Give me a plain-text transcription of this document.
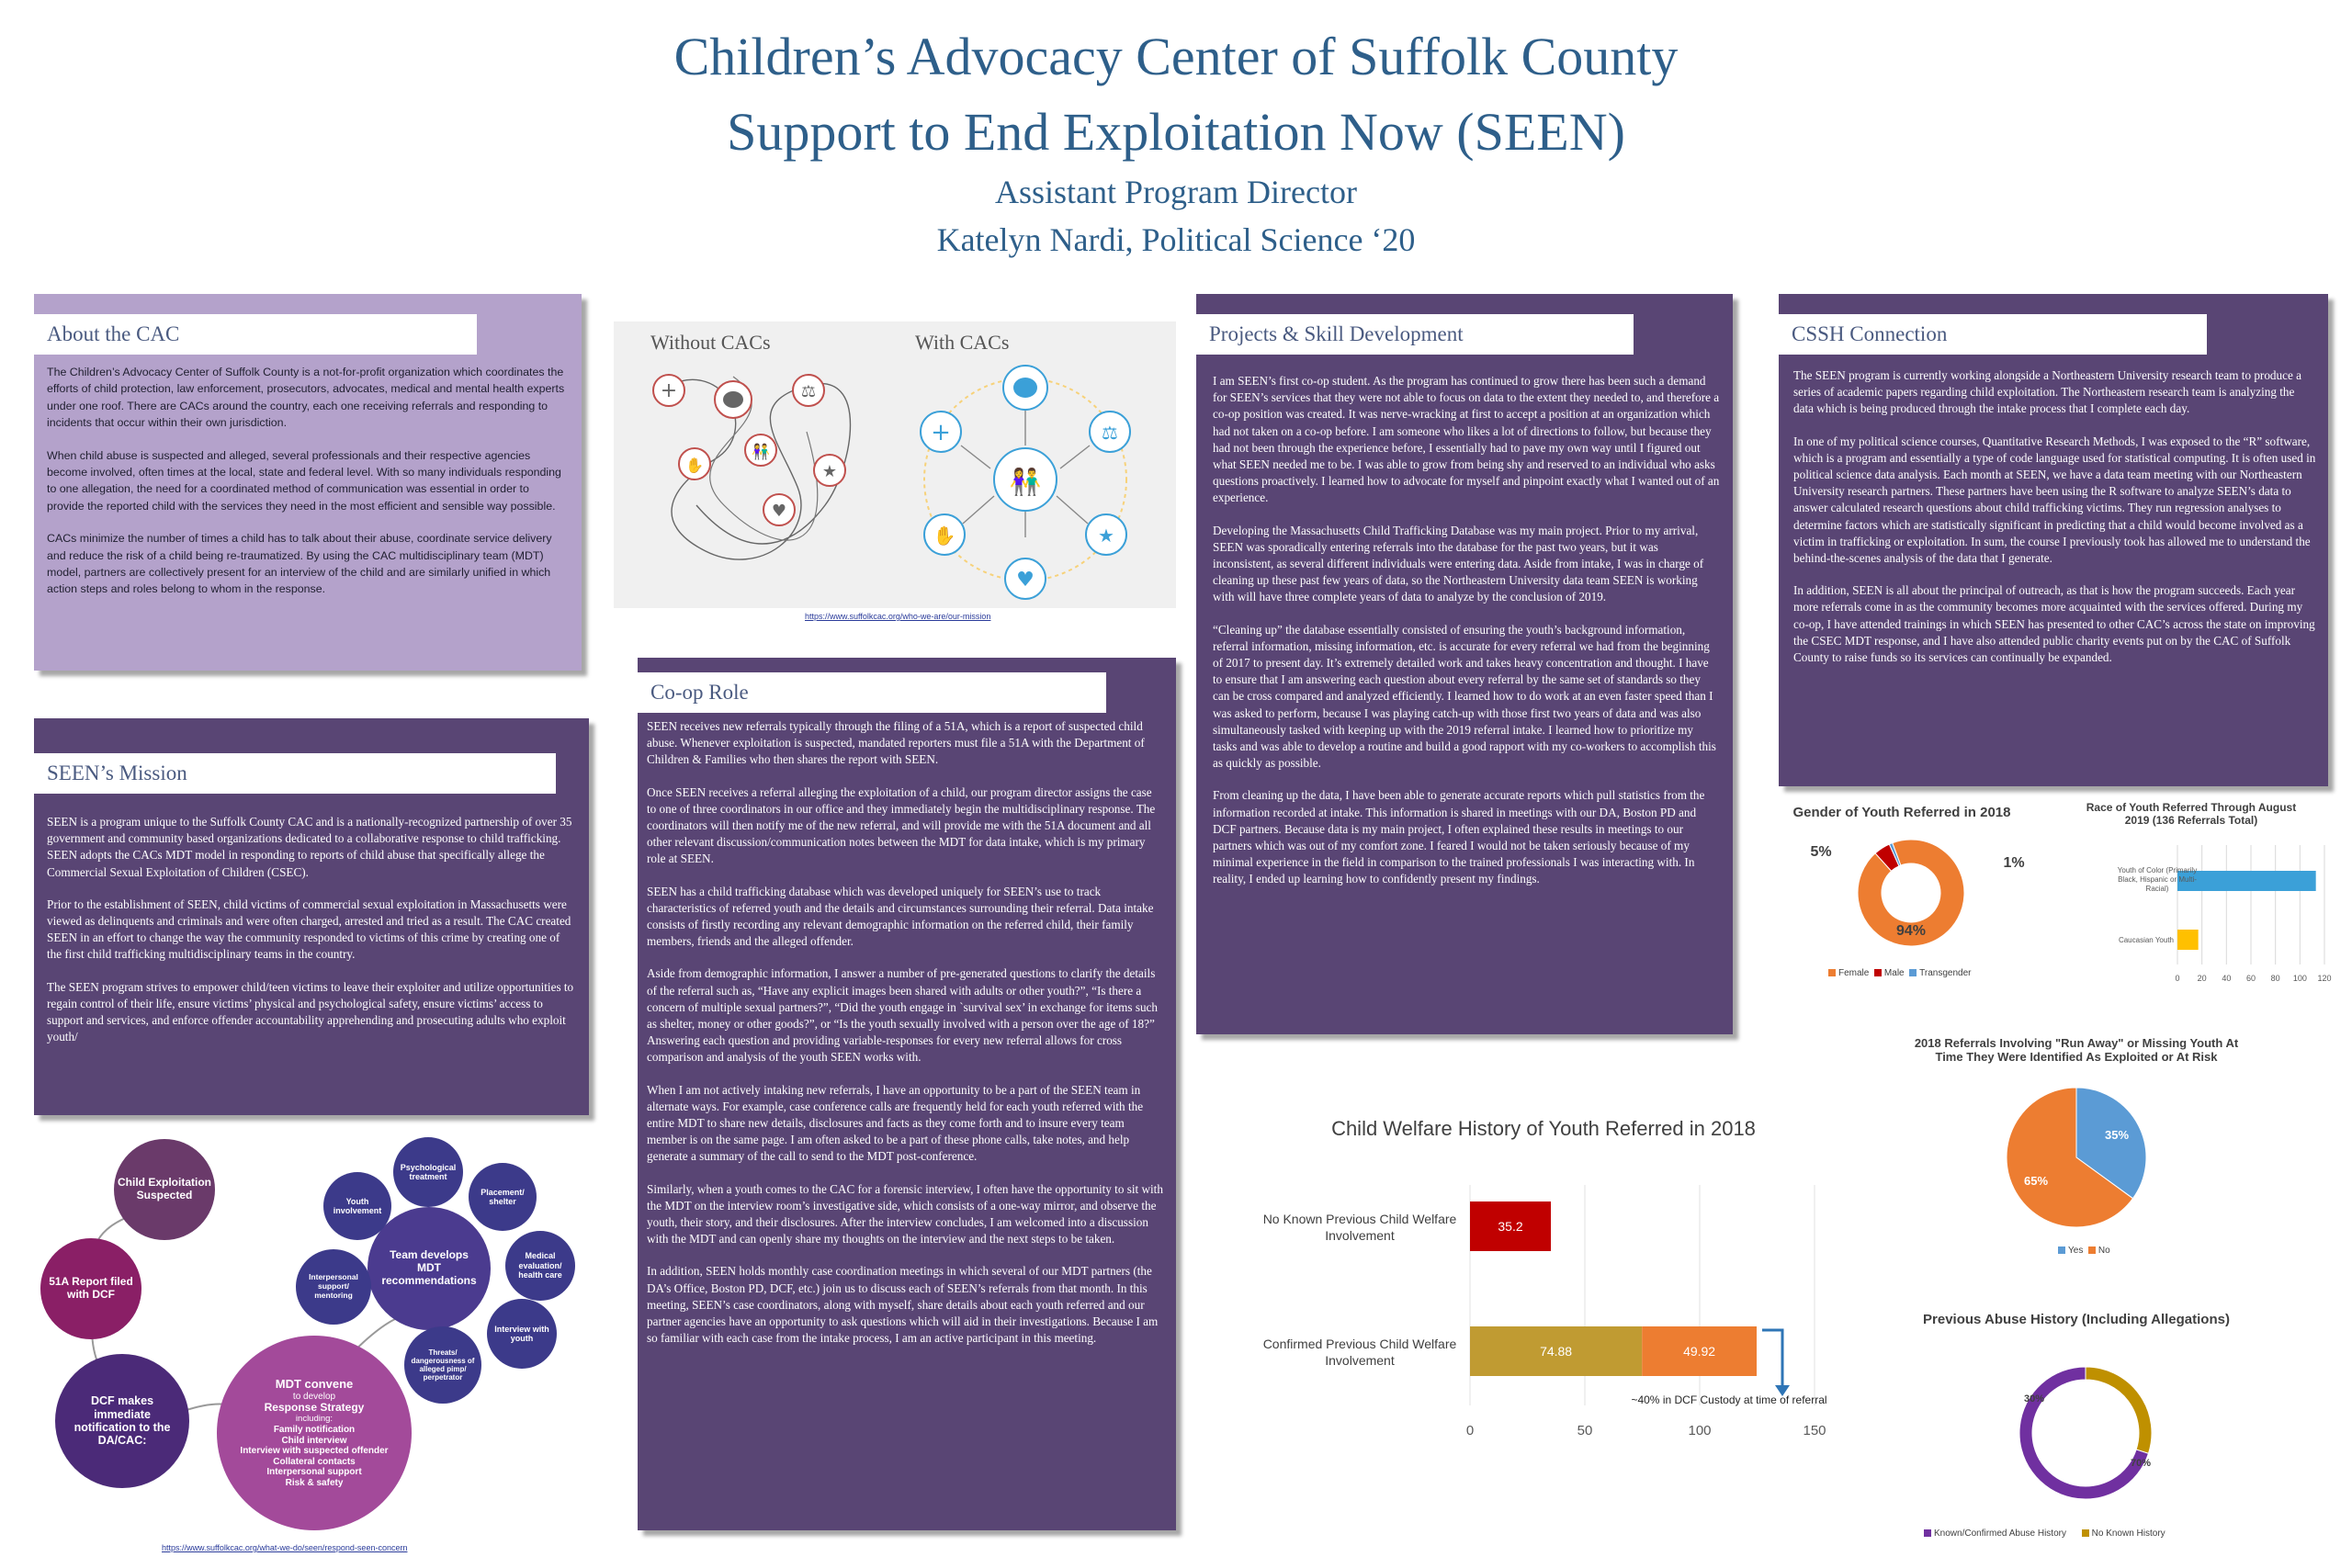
Children’s Advocacy Center of Suffolk County
Support to End Exploitation Now (SEEN)
Assistant Program Director
Katelyn Nardi, Political Science ‘20
About the CAC

The Children’s Advocacy Center of Suffolk County is a not-for-profit organization which coordinates the efforts of child protection, law enforcement, prosecutors, advocates, medical and mental health experts under one roof. There are CACs around the country, each one receiving referrals and responding to incidents that occur within their own jurisdiction.

When child abuse is suspected and alleged, several professionals and their respective agencies become involved, often times at the local, state and federal level. With so many individuals responding to one allegation, the need for a coordinated method of communication was essential in order to provide the reported child with the services they need in the most efficient and sensible way possible.

CACs minimize the number of times a child has to talk about their abuse, coordinate service delivery and reduce the risk of a child being re-traumatized. By using the CAC multidisciplinary team (MDT) model, partners are collectively present for an interview of the child and are similarly unified in which action steps and roles belong to whom in the response.

SEEN’s Mission

SEEN is a program unique to the Suffolk County CAC and is a nationally-recognized partnership of over 35 government and community based organizations dedicated to a collaborative response to child trafficking. SEEN adopts the CACs MDT model in responding to reports of child abuse that specifically allege the Commercial Sexual Exploitation of Children (CSEC).

Prior to the establishment of SEEN, child victims of commercial sexual exploitation in Massachusetts were viewed as delinquents and criminals and were often charged, arrested and tried as a result. The CAC created SEEN in an effort to change the way the community responded to victims of this crime by creating one of the first child trafficking multidisciplinary teams in the country.

The SEEN program strives to empower child/teen victims to leave their exploiter and utilize opportunities to regain control of their life, ensure victims’ physical and psychological safety, ensure victims’ access to support and services, and enforce offender accountability apprehending and prosecuting adults who exploit youth/

Without CACs	With CACs
+	⚖
👫
✋	★
♥
👫
+	⚖
✋	★
♥
https://www.suffolkcac.org/who-we-are/our-mission
Co-op Role

SEEN receives new referrals typically through the filing of a 51A, which is a report of suspected child abuse. Whenever exploitation is suspected, mandated reporters must file a 51A with the Department of Children & Families who then shares the report with SEEN.

Once SEEN receives a referral alleging the exploitation of a child, our program director assigns the case to one of three coordinators in our office and they immediately begin the multidisciplinary response. The coordinators will then notify me of the new referral, and will provide me with the 51A document and all other relevant discussion/communication notes between the MDT for data intake, which is my primary role at SEEN.

SEEN has a child trafficking database which was developed uniquely for SEEN’s use to track characteristics of referred youth and the details and circumstances surrounding their referral. Data intake consists of firstly recording any relevant demographic information on the referred child, their family members, friends and the alleged offender.

Aside from demographic information, I answer a number of pre-generated questions to clarify the details of the referral such as, “Have any explicit images been shared with adults or other youth?”, “Is there a concern of multiple sexual partners?”, “Did the youth engage in `survival sex’ in exchange for items such as shelter, money or other goods?”, or “Is the youth sexually involved with a person over the age of 18?” Answering each question and providing variable-responses for every new referral allows for cross comparison and analysis of the youth SEEN works with.

When I am not actively intaking new referrals, I have an opportunity to be a part of the SEEN team in alternate ways. For example, case conference calls are frequently held for each youth referred with the entire MDT to share new details, disclosures and facts as they come forth and to insure every team member is on the same page. I am often asked to be a part of these phone calls, take notes, and help generate a summary of the call to send to the MDT post-conference.

Similarly, when a youth comes to the CAC for a forensic interview, I often have the opportunity to sit with the MDT on the interview room’s investigative side, which consists of a one-way mirror, and observe the youth, their story, and their disclosures. After the interview concludes, I am welcomed into a discussion with the MDT and can openly share my thoughts on the interview and the next steps to be taken.

In addition, SEEN holds monthly case coordination meetings in which several of our MDT partners (the DA’s Office, Boston PD, DCF, etc.) join us to discuss each of SEEN’s referrals from that month. In this meeting, SEEN’s case coordinators, along with myself, share details about each youth referred and our partner agencies have an opportunity to ask questions which will aid in their investigations. Because I am so familiar with each case from the intake process, I am an active participant in this meeting.

Child Exploitation Suspected
51A Report filed with DCF
DCF makes immediate notification to the DA/CAC:
MDT convene
to develop
Response Strategy
including:
Family notification
Child interview
Interview with suspected offender
Collateral contacts
Interpersonal support
Risk & safety
Team develops MDT recommendations
Psychological treatment
Placement/ shelter
Medical evaluation/ health care
Interview with youth
Threats/ dangerousness of alleged pimp/ perpetrator
Interpersonal support/ mentoring
Youth involvement
https://www.suffolkcac.org/what-we-do/seen/respond-seen-concern
Projects & Skill Development

I am SEEN’s first co-op student. As the program has continued to grow there has been such a demand for SEEN’s services that they were not able to focus on data to the extent they needed to, and therefore a co-op position was created. It was nerve-wracking at first to accept a position at an organization which had not taken on a co-op before. I am someone who likes a lot of directions to follow, but because they had not been through the experience before, I essentially had to pave my own way until I figured out what SEEN needed me to be. I was able to grow from being shy and reserved to an individual who asks questions proactively. I learned how to advocate for myself and pinpoint exactly what I wanted out of an experience.

Developing the Massachusetts Child Trafficking Database was my main project. Prior to my arrival, SEEN was sporadically entering referrals into the database for the past two years, but it was inconsistent, as several different individuals were entering data. Aside from intake, I was in charge of cleaning up these past few years of data, so the Northeastern University data team SEEN is working with will have three complete years of data to analyze by the conclusion of 2019.

“Cleaning up” the database essentially consisted of ensuring the youth’s background information, referral information, missing information, etc. is accurate for every referral we had from the beginning of 2017 to present day. It’s extremely detailed work and takes heavy concentration and thought. I have to ensure that I am answering each question about every referral by the same set of standards so they can be cross compared and analyzed efficiently. I learned how to do work at an even faster speed than I was asked to perform, because I was playing catch-up with those first two years of data and was also simultaneously tasked with keeping up with the 2019 referral intake. I learned how to prioritize my tasks and was able to develop a routine and build a good rapport with my co-workers to accomplish this as quickly as possible.

From cleaning up the data, I have been able to generate accurate reports which pull statistics from the information recorded at intake. This information is shared in meetings with our DA, Boston PD and DCF partners. Because data is my main project, I often explained these results in meetings to our partners which was out of my comfort zone. I feared I would not be taken seriously because of my minimal experience in the field in comparison to the trained professionals I was interacting with. In reality, I ended up learning how to confidently present my findings.

CSSH Connection

The SEEN program is currently working alongside a Northeastern University research team to produce a series of academic papers regarding child exploitation. The Northeastern research team is analyzing the data which is being produced through the intake process that I complete each day.

In one of my political science courses, Quantitative Research Methods, I was exposed to the “R” software, which is a program and essentially a type of code language used for statistical computing. It is often used in political science data analysis. Each month at SEEN, we have a data team meeting with our Northeastern University research partners. These partners have been using the R software to analyze SEEN’s data to answer calculated research questions about child trafficking victims. They run regression analyses to determine factors which are statistically significant in predicting that a child would become involved as a victim in trafficking or exploitation. In sum, the course I previously took has allowed me to understand the behind-the-scenes analysis of the data that I generate.

In addition, SEEN is all about the principal of outreach, as that is how the program succeeds. Each year more referrals come in as the community becomes more acquainted with the services offered. During my co-op, I have attended trainings in which SEEN has presented to other CAC’s across the state on improving the CSEC MDT response, and I have also attended public charity events put on by the CAC of Suffolk County to raise funds so its services can continually be expanded.

Gender of Youth Referred in 2018
94%
5%
1%
Female Male Transgender
Race of Youth Referred Through August 2019 (136 Referrals Total)
0 20 40 60 80 100 120
Youth of Color (Primarily Black, Hispanic or Multi-Racial)
Caucasian Youth
2018 Referrals Involving "Run Away" or Missing Youth At Time They Were Identified As Exploited or At Risk
35%
65%
Yes No
Previous Abuse History (Including Allegations)
70%
30%
Known/Confirmed Abuse History	No Known History
Child Welfare History of Youth Referred in 2018
0	50	100	150
35.2
No Known Previous Child Welfare Involvement
74.88	49.92
Confirmed Previous Child Welfare Involvement
~40% in DCF Custody at time of referral
